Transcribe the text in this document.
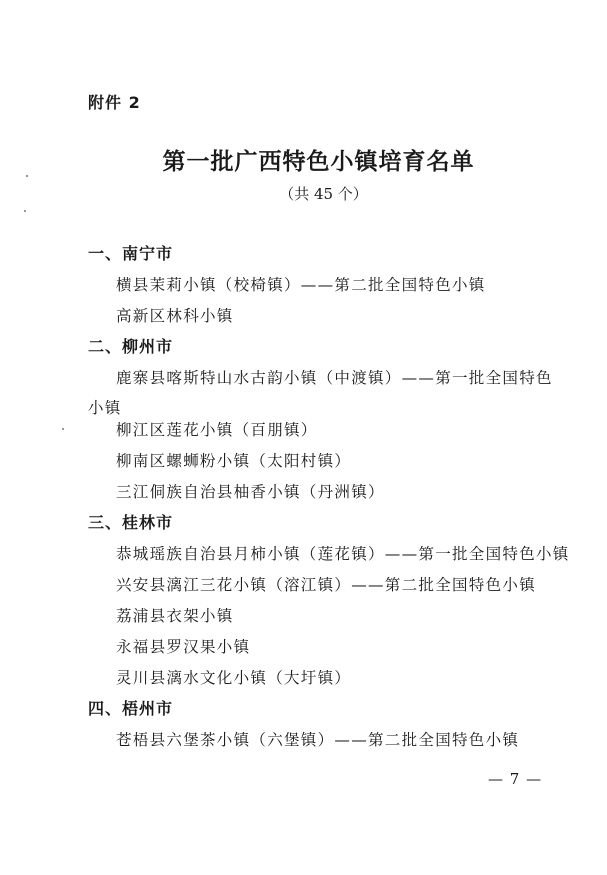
附件 2
第一批广西特色小镇培育名单
（共 45 个）
一、南宁市
横县茉莉小镇（校椅镇）——第二批全国特色小镇
高新区林科小镇
二、柳州市
鹿寨县喀斯特山水古韵小镇（中渡镇）——第一批全国特色小镇
柳江区莲花小镇（百朋镇）
柳南区螺蛳粉小镇（太阳村镇）
三江侗族自治县柚香小镇（丹洲镇）
三、桂林市
恭城瑶族自治县月柿小镇（莲花镇）——第一批全国特色小镇
兴安县漓江三花小镇（溶江镇）——第二批全国特色小镇
荔浦县衣架小镇
永福县罗汉果小镇
灵川县漓水文化小镇（大圩镇）
四、梧州市
苍梧县六堡茶小镇（六堡镇）——第二批全国特色小镇
— 7 —
